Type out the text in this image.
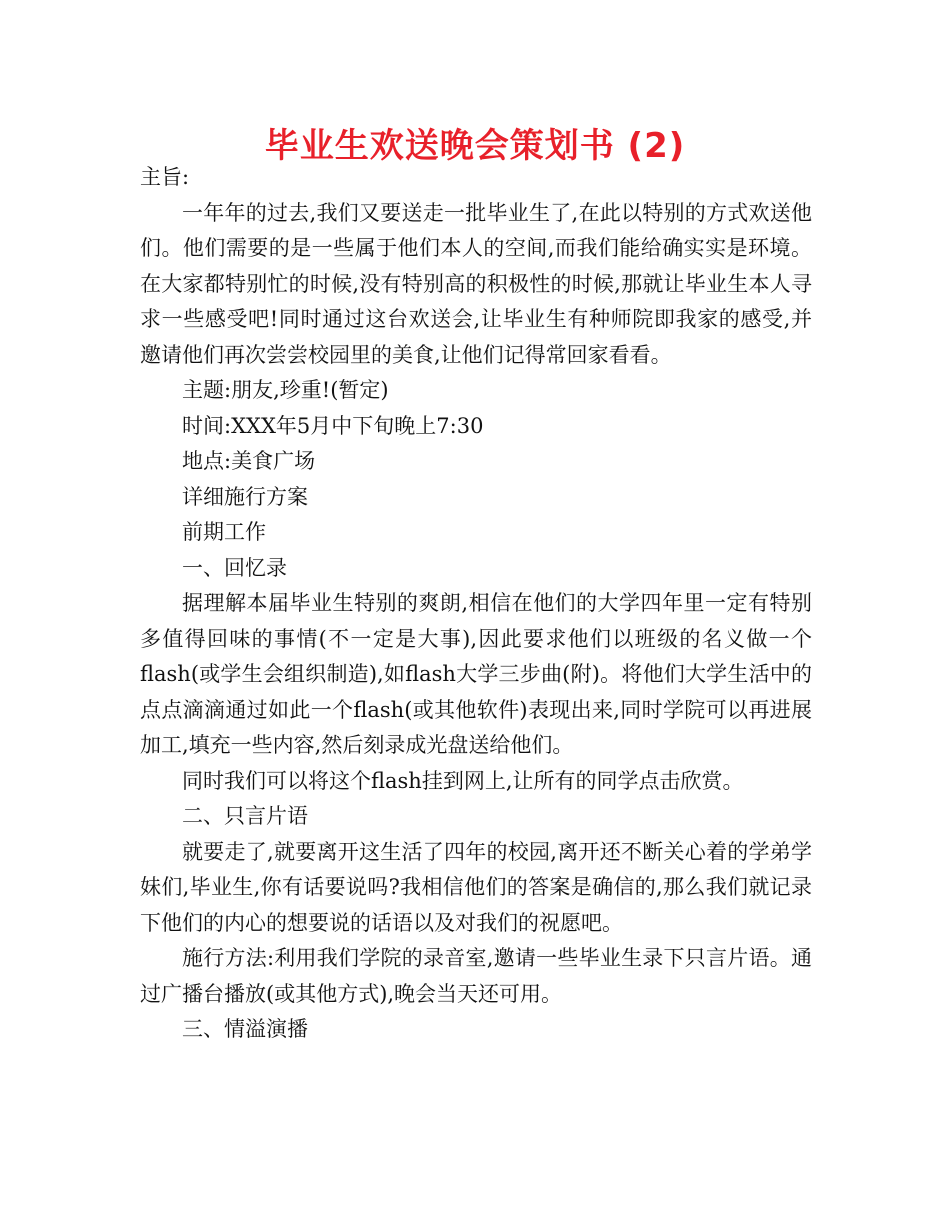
毕业生欢送晚会策划书 (2)

主旨:

一年年的过去,我们又要送走一批毕业生了,在此以特别的方式欢送他们。他们需要的是一些属于他们本人的空间,而我们能给确实实是环境。在大家都特别忙的时候,没有特别高的积极性的时候,那就让毕业生本人寻求一些感受吧!同时通过这台欢送会,让毕业生有种师院即我家的感受,并邀请他们再次尝尝校园里的美食,让他们记得常回家看看。

主题:朋友,珍重!(暂定)

时间:XXX年5月中下旬晚上7:30

地点:美食广场

详细施行方案

前期工作

一、回忆录

据理解本届毕业生特别的爽朗,相信在他们的大学四年里一定有特别多值得回味的事情(不一定是大事),因此要求他们以班级的名义做一个flash(或学生会组织制造),如flash大学三步曲(附)。将他们大学生活中的点点滴滴通过如此一个flash(或其他软件)表现出来,同时学院可以再进展加工,填充一些内容,然后刻录成光盘送给他们。

同时我们可以将这个flash挂到网上,让所有的同学点击欣赏。

二、只言片语

就要走了,就要离开这生活了四年的校园,离开还不断关心着的学弟学妹们,毕业生,你有话要说吗?我相信他们的答案是确信的,那么我们就记录下他们的内心的想要说的话语以及对我们的祝愿吧。

施行方法:利用我们学院的录音室,邀请一些毕业生录下只言片语。通过广播台播放(或其他方式),晚会当天还可用。

三、情溢演播
